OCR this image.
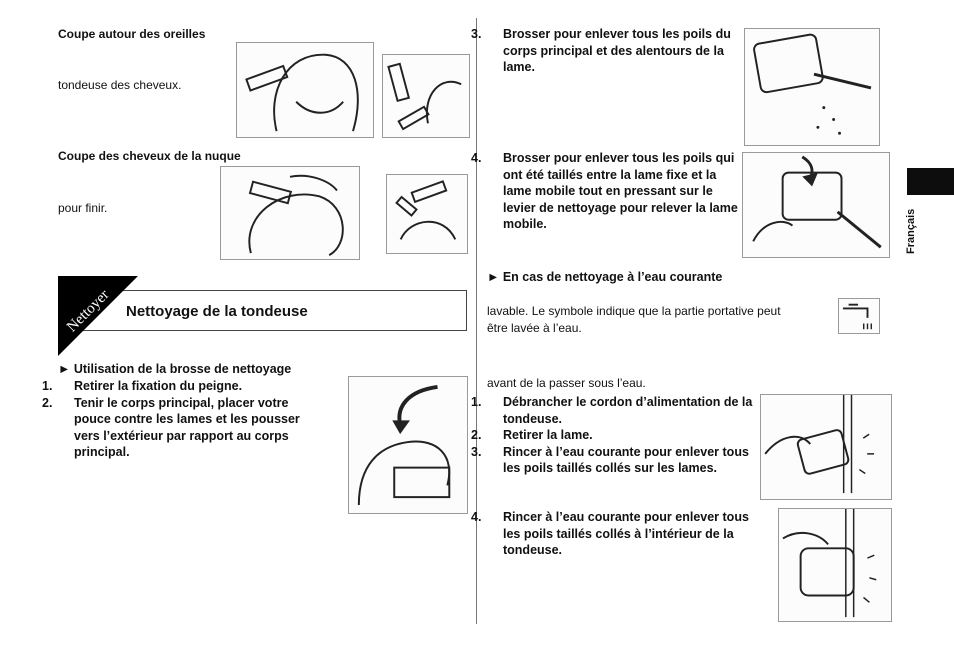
Coupe autour des oreilles
tondeuse des cheveux.
Coupe des cheveux de la nuque
pour finir.
Nettoyer Nettoyage de la tondeuse
► Utilisation de la brosse de nettoyage
1. Retirer la fixation du peigne.
2. Tenir le corps principal, placer votre pouce contre les lames et les pousser vers l’extérieur par rapport au corps principal.
3. Brosser pour enlever tous les poils du corps principal et des alentours de la lame.
4. Brosser pour enlever tous les poils qui ont été taillés entre la lame fixe et la lame mobile tout en pressant sur le levier de nettoyage pour relever la lame mobile.
► En cas de nettoyage à l’eau courante
lavable. Le symbole indique que la partie portative peut
être lavée à l’eau.
avant de la passer sous l’eau.
1. Débrancher le cordon d’alimentation de la tondeuse.
2. Retirer la lame.
3. Rincer à l’eau courante pour enlever tous les poils taillés collés sur les lames.
4. Rincer à l’eau courante pour enlever tous les poils taillés collés à l’intérieur de la tondeuse.
Français
